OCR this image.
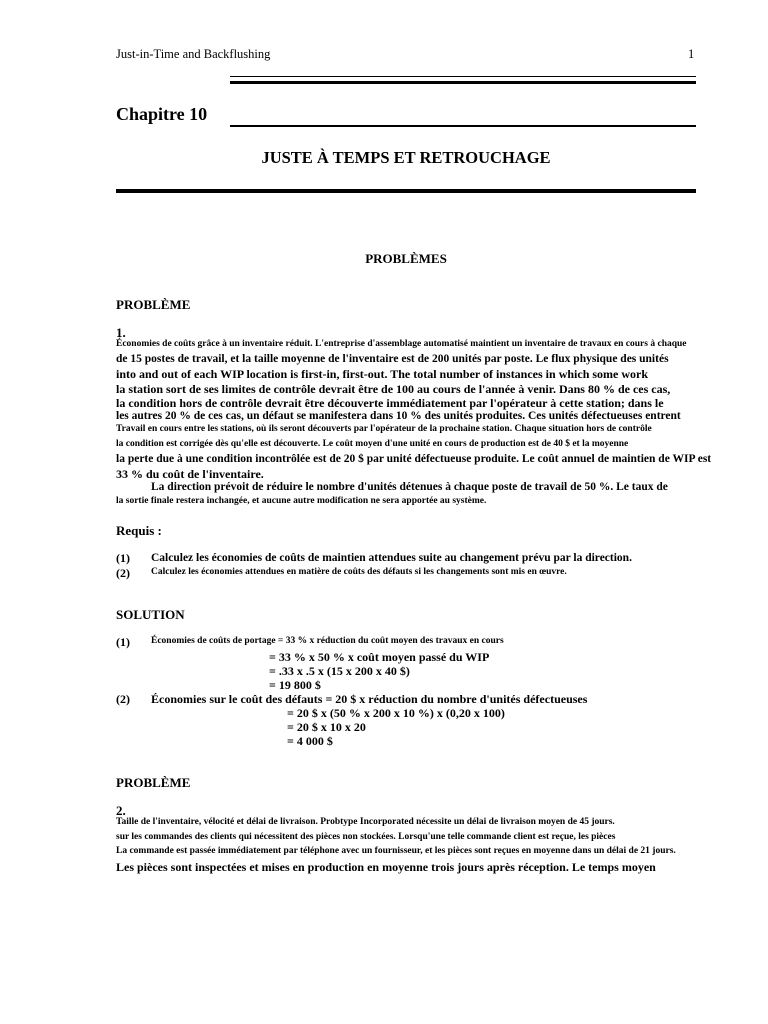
Just-in-Time and Backflushing	1
Chapitre 10
JUSTE À TEMPS ET RETROUCHAGE
PROBLÈMES
PROBLÈME
1.
Économies de coûts grâce à un inventaire réduit. L'entreprise d'assemblage automatisé maintient un inventaire de travaux en cours à chaque
de 15 postes de travail, et la taille moyenne de l'inventaire est de 200 unités par poste. Le flux physique des unités
into and out of each WIP location is first-in, first-out. The total number of instances in which some work
la station sort de ses limites de contrôle devrait être de 100 au cours de l'année à venir. Dans 80 % de ces cas,
la condition hors de contrôle devrait être découverte immédiatement par l'opérateur à cette station; dans le
les autres 20 % de ces cas, un défaut se manifestera dans 10 % des unités produites. Ces unités défectueuses entrent
Travail en cours entre les stations, où ils seront découverts par l'opérateur de la prochaine station. Chaque situation hors de contrôle
la condition est corrigée dès qu'elle est découverte. Le coût moyen d'une unité en cours de production est de 40 $ et la moyenne
la perte due à une condition incontrôlée est de 20 $ par unité défectueuse produite. Le coût annuel de maintien de WIP est
33 % du coût de l'inventaire.
La direction prévoit de réduire le nombre d'unités détenues à chaque poste de travail de 50 %. Le taux de
la sortie finale restera inchangée, et aucune autre modification ne sera apportée au système.
Requis :
(1) Calculez les économies de coûts de maintien attendues suite au changement prévu par la direction.
(2) Calculez les économies attendues en matière de coûts des défauts si les changements sont mis en œuvre.
SOLUTION
(1) Économies de coûts de portage = 33 % x réduction du coût moyen des travaux en cours
= 33 % x 50 % x coût moyen passé du WIP
= .33 x .5 x (15 x 200 x 40 $)
= 19 800 $
(2) Économies sur le coût des défauts = 20 $ x réduction du nombre d'unités défectueuses
= 20 $ x (50 % x 200 x 10 %) x (0,20 x 100)
= 20 $ x 10 x 20
= 4 000 $
PROBLÈME
2.
Taille de l'inventaire, vélocité et délai de livraison. Probtype Incorporated nécessite un délai de livraison moyen de 45 jours.
sur les commandes des clients qui nécessitent des pièces non stockées. Lorsqu'une telle commande client est reçue, les pièces
La commande est passée immédiatement par téléphone avec un fournisseur, et les pièces sont reçues en moyenne dans un délai de 21 jours.
Les pièces sont inspectées et mises en production en moyenne trois jours après réception. Le temps moyen
